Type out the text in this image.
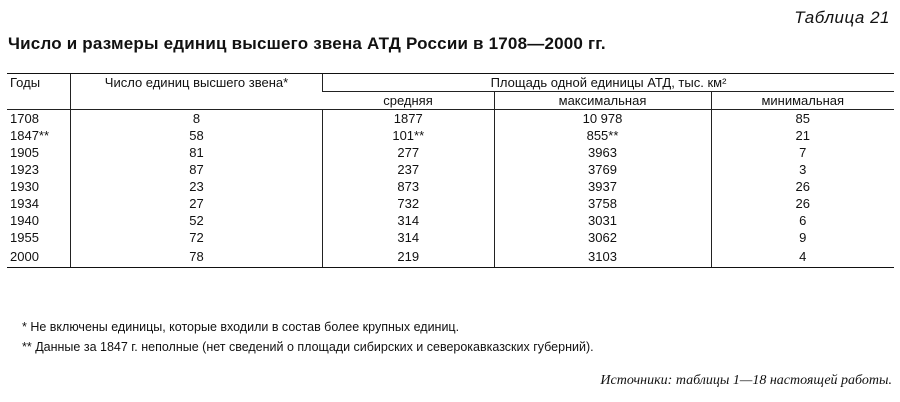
Таблица 21
Число и размеры единиц высшего звена АТД России в 1708—2000 гг.
Годы	Число единиц высшего звена*	Площадь одной единицы АТД, тыс. км²		
		средняя	максимальная	минимальная
1708	8	1877	10 978	85
1847**	58	101**	855**	21
1905	81	277	3963	7
1923	87	237	3769	3
1930	23	873	3937	26
1934	27	732	3758	26
1940	52	314	3031	6
1955	72	314	3062	9
2000	78	219	3103	4
* Не включены единицы, которые входили в состав более крупных единиц.
** Данные за 1847 г. неполные (нет сведений о площади сибирских и северокавказских губерний).
Источники: таблицы 1—18 настоящей работы.
